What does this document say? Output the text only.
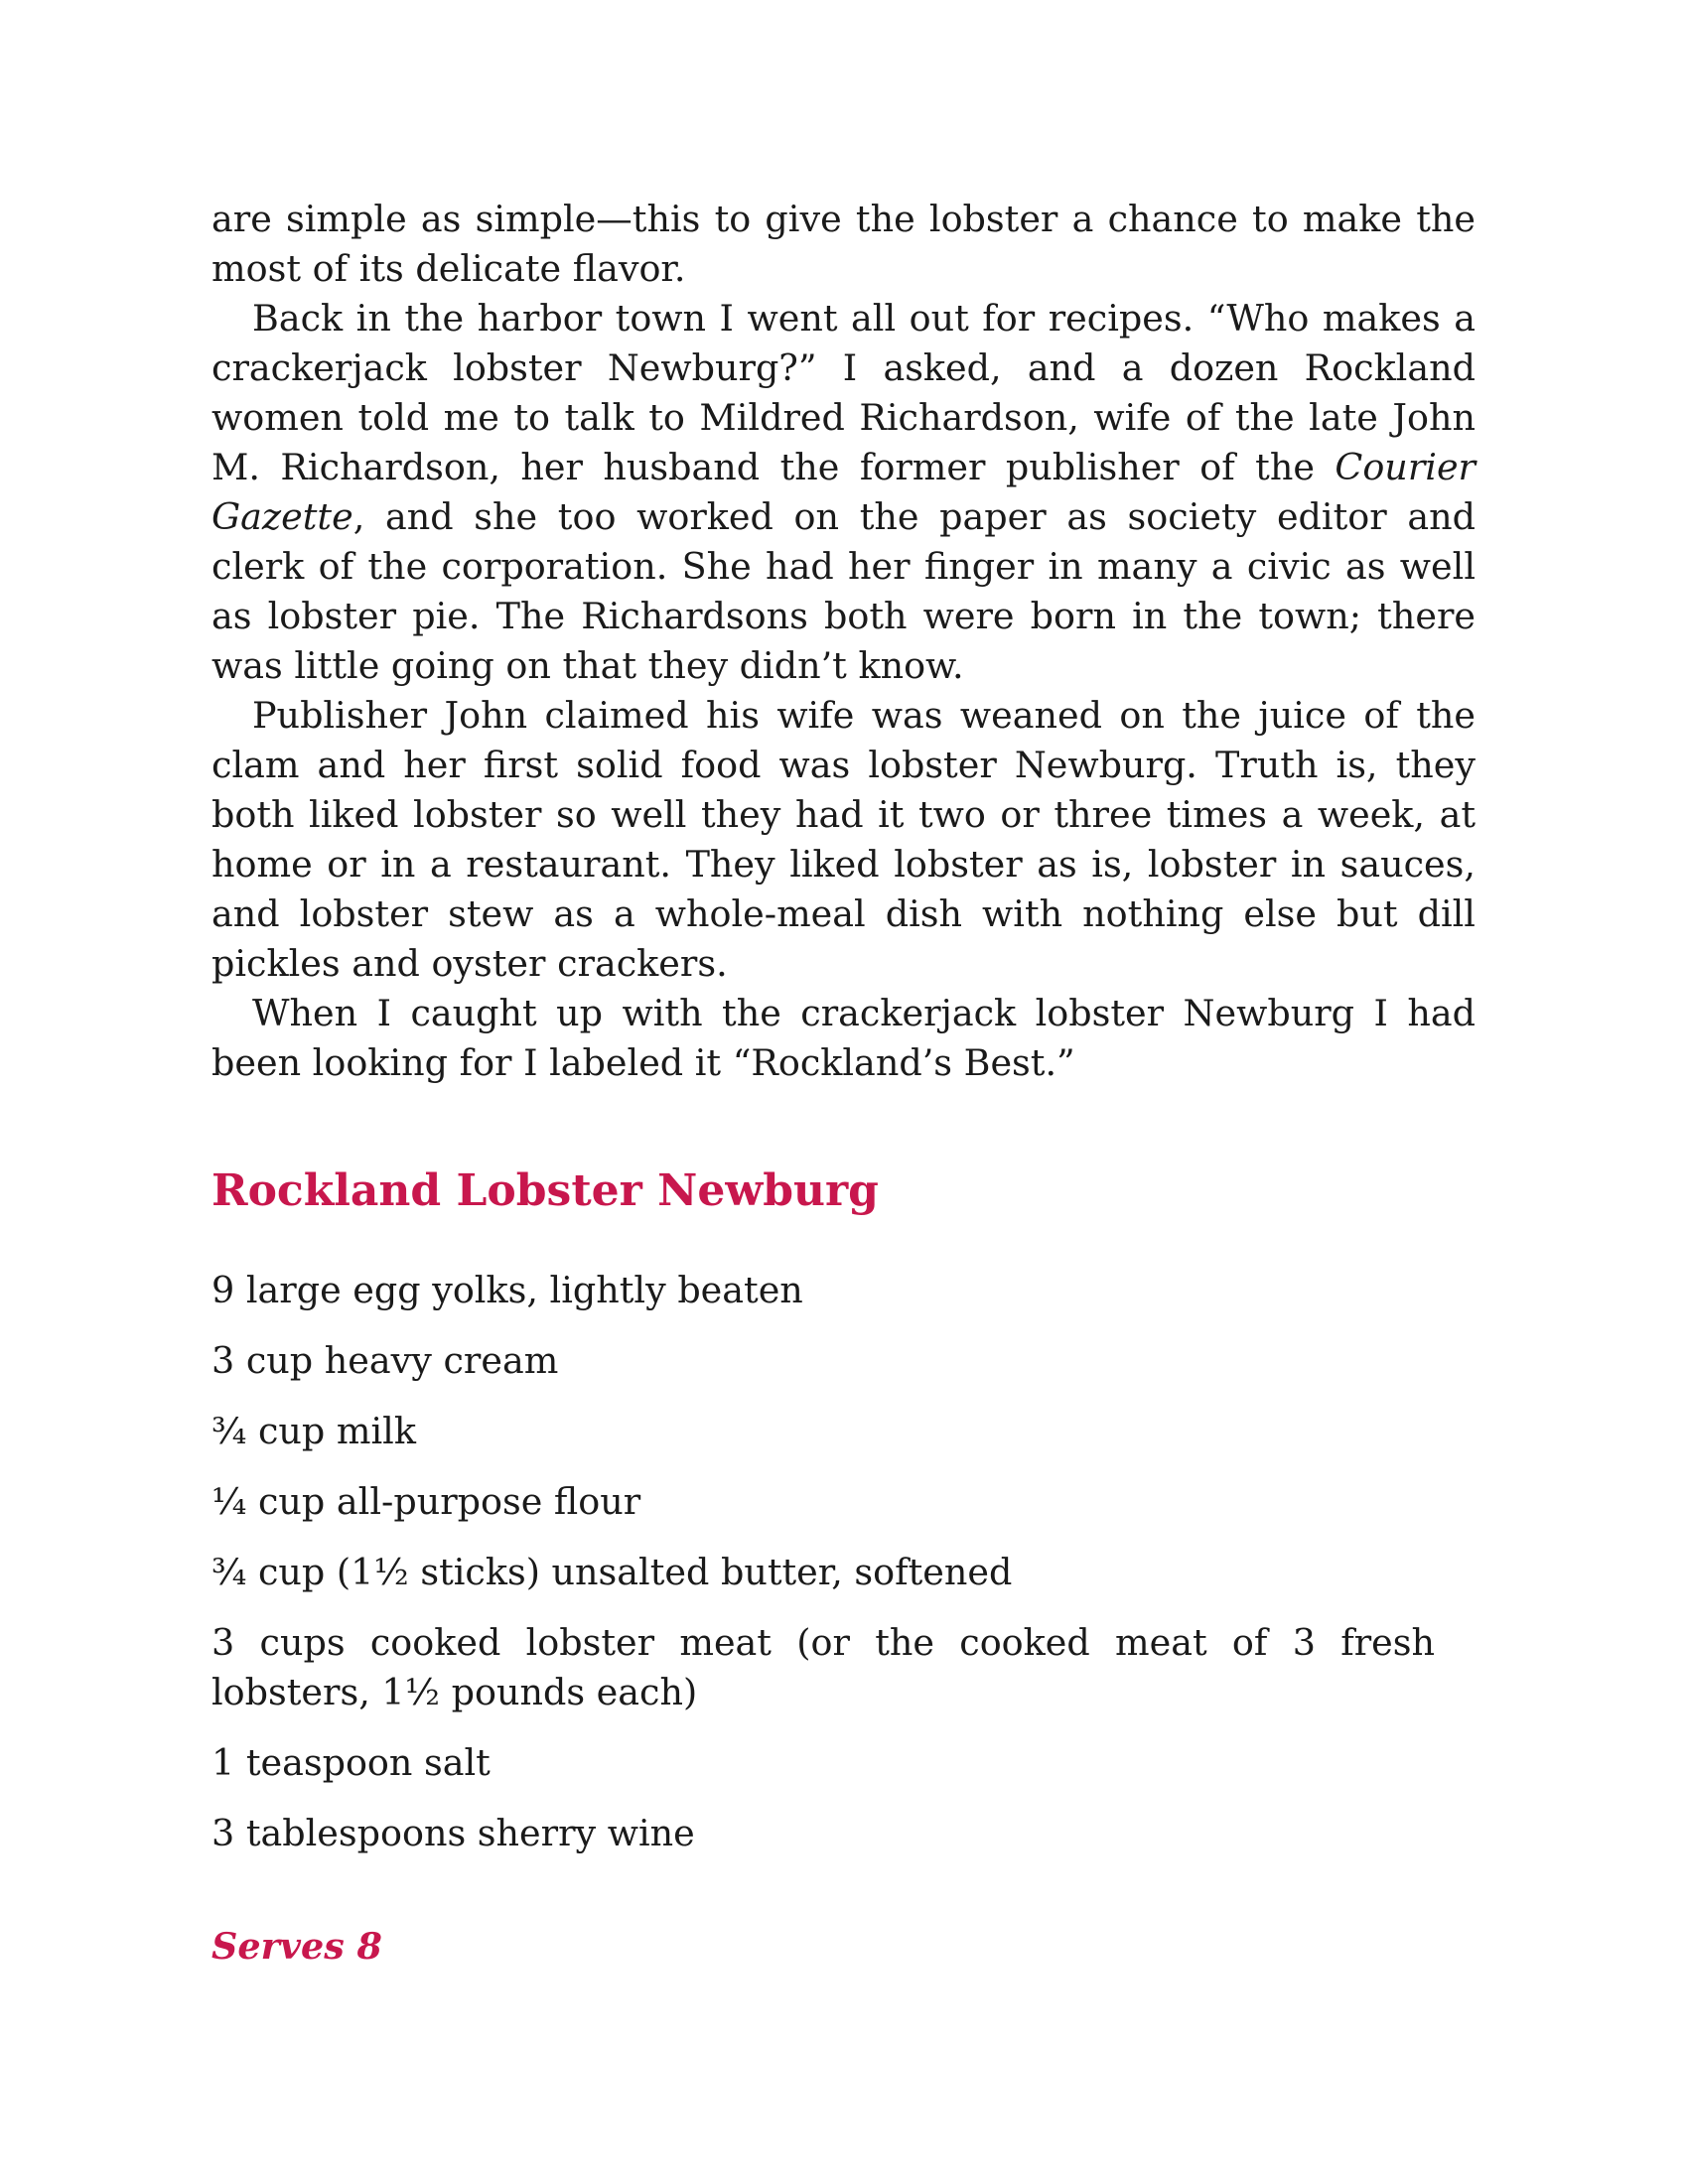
are simple as simple—this to give the lobster a chance to make the most of its delicate flavor.

Back in the harbor town I went all out for recipes. “Who makes a crackerjack lobster Newburg?” I asked, and a dozen Rockland women told me to talk to Mildred Richardson, wife of the late John M. Richardson, her husband the former publisher of the Courier Gazette, and she too worked on the paper as society editor and clerk of the corporation. She had her finger in many a civic as well as lobster pie. The Richardsons both were born in the town; there was little going on that they didn’t know.

Publisher John claimed his wife was weaned on the juice of the clam and her first solid food was lobster Newburg. Truth is, they both liked lobster so well they had it two or three times a week, at home or in a restaurant. They liked lobster as is, lobster in sauces, and lobster stew as a whole-meal dish with nothing else but dill pickles and oyster crackers.

When I caught up with the crackerjack lobster Newburg I had been looking for I labeled it “Rockland’s Best.”

Rockland Lobster Newburg
9 large egg yolks, lightly beaten
3 cup heavy cream
¾ cup milk
¼ cup all-purpose flour
¾ cup (1½ sticks) unsalted butter, softened
3 cups cooked lobster meat (or the cooked meat of 3 fresh lobsters, 1½ pounds each)
1 teaspoon salt
3 tablespoons sherry wine

Serves 8
